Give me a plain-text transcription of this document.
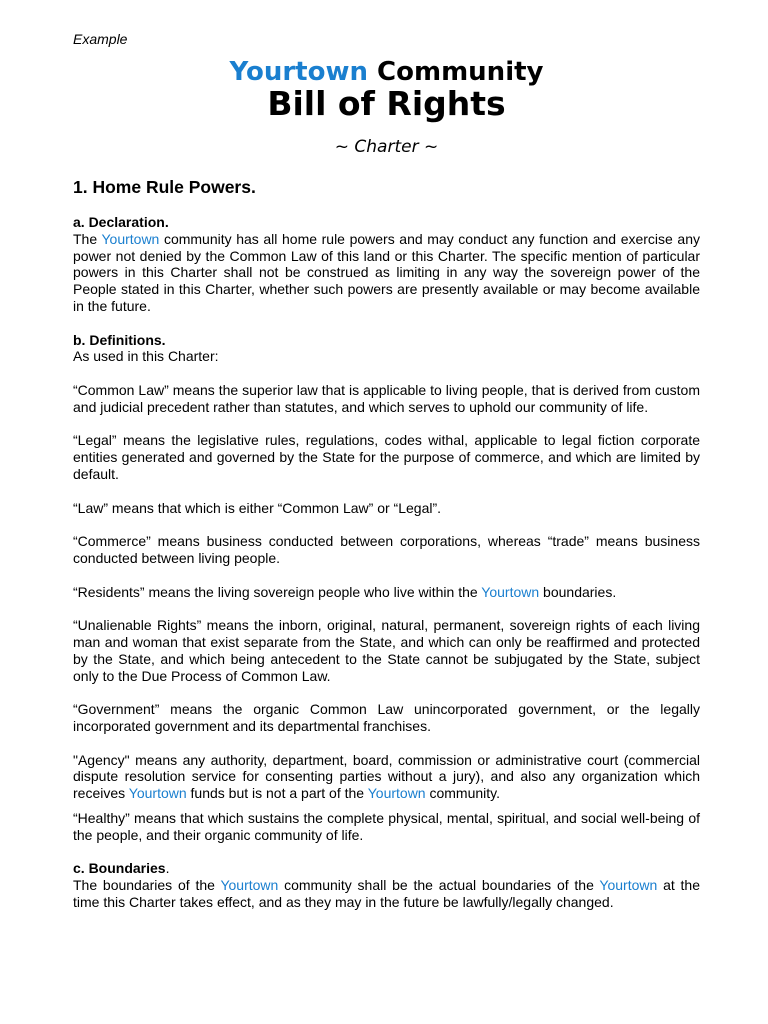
Example
Yourtown Community
Bill of Rights
~ Charter ~
1. Home Rule Powers.
a. Declaration.

The Yourtown community has all home rule powers and may conduct any function and exercise any power not denied by the Common Law of this land or this Charter. The specific mention of particular powers in this Charter shall not be construed as limiting in any way the sovereign power of the People stated in this Charter, whether such powers are presently available or may become available in the future.

b. Definitions.

As used in this Charter:

“Common Law” means the superior law that is applicable to living people, that is derived from custom and judicial precedent rather than statutes, and which serves to uphold our community of life.

“Legal” means the legislative rules, regulations, codes withal, applicable to legal fiction corporate entities generated and governed by the State for the purpose of commerce, and which are limited by default.

“Law” means that which is either “Common Law” or “Legal”.

“Commerce” means business conducted between corporations, whereas “trade” means business conducted between living people.

“Residents” means the living sovereign people who live within the Yourtown boundaries.

“Unalienable Rights” means the inborn, original, natural, permanent, sovereign rights of each living man and woman that exist separate from the State, and which can only be reaffirmed and protected by the State, and which being antecedent to the State cannot be subjugated by the State, subject only to the Due Process of Common Law.

“Government” means the organic Common Law unincorporated government, or the legally incorporated government and its departmental franchises.

"Agency" means any authority, department, board, commission or administrative court (commercial dispute resolution service for consenting parties without a jury), and also any organization which receives Yourtown funds but is not a part of the Yourtown community.

“Healthy” means that which sustains the complete physical, mental, spiritual, and social well-being of the people, and their organic community of life.

c. Boundaries.

The boundaries of the Yourtown community shall be the actual boundaries of the Yourtown at the time this Charter takes effect, and as they may in the future be lawfully/legally changed.
